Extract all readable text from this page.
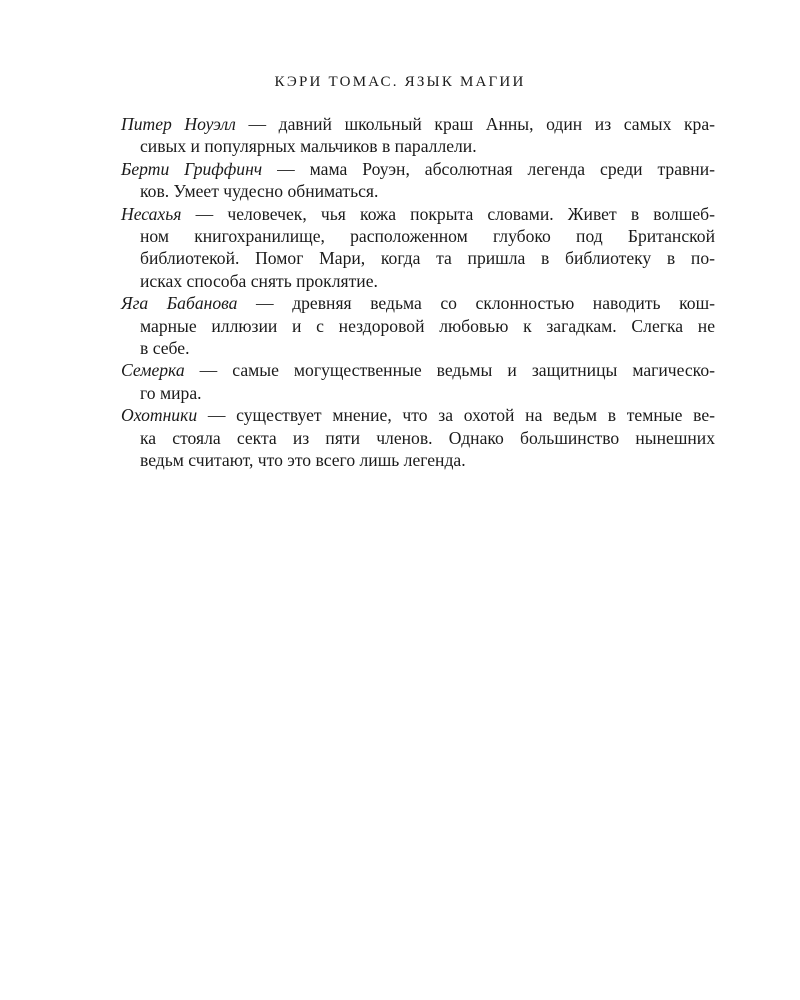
КЭРИ ТОМАС. ЯЗЫК МАГИИ
Питер Ноуэлл — давний школьный краш Анны, один из самых кра-
сивых и популярных мальчиков в параллели.
Берти Гриффинч — мама Роуэн, абсолютная легенда среди травни-
ков. Умеет чудесно обниматься.
Несахья — человечек, чья кожа покрыта словами. Живет в волшеб-
ном книгохранилище, расположенном глубоко под Британской
библиотекой. Помог Мари, когда та пришла в библиотеку в по-
исках способа снять проклятие.
Яга Бабанова — древняя ведьма со склонностью наводить кош-
марные иллюзии и с нездоровой любовью к загадкам. Слегка не
в себе.
Семерка — самые могущественные ведьмы и защитницы магическо-
го мира.
Охотники — существует мнение, что за охотой на ведьм в темные ве-
ка стояла секта из пяти членов. Однако большинство нынешних
ведьм считают, что это всего лишь легенда.
